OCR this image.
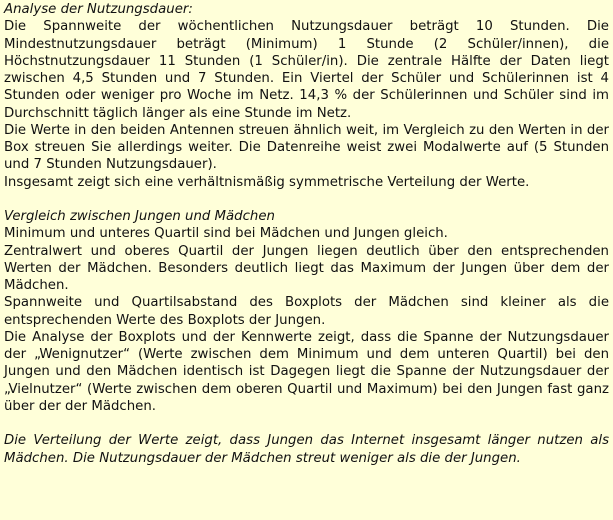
Analyse der Nutzungsdauer:

Die Spannweite der wöchentlichen Nutzungsdauer beträgt 10 Stunden. Die Mindestnutzungsdauer beträgt (Minimum) 1 Stunde (2 Schüler/innen), die Höchstnutzungsdauer 11 Stunden (1 Schüler/in). Die zentrale Hälfte der Daten liegt zwischen 4,5 Stunden und 7 Stunden. Ein Viertel der Schüler und Schülerinnen ist 4 Stunden oder weniger pro Woche im Netz. 14,3 % der Schülerinnen und Schüler sind im Durchschnitt täglich länger als eine Stunde im Netz.

Die Werte in den beiden Antennen streuen ähnlich weit, im Vergleich zu den Werten in der Box streuen Sie allerdings weiter. Die Datenreihe weist zwei Modalwerte auf (5 Stunden und 7 Stunden Nutzungsdauer).

Insgesamt zeigt sich eine verhältnismäßig symmetrische Verteilung der Werte.

Vergleich zwischen Jungen und Mädchen

Minimum und unteres Quartil sind bei Mädchen und Jungen gleich.

Zentralwert und oberes Quartil der Jungen liegen deutlich über den entsprechenden Werten der Mädchen. Besonders deutlich liegt das Maximum der Jungen über dem der Mädchen.

Spannweite und Quartilsabstand des Boxplots der Mädchen sind kleiner als die entsprechenden Werte des Boxplots der Jungen.

Die Analyse der Boxplots und der Kennwerte zeigt, dass die Spanne der Nutzungsdauer der „Wenignutzer“ (Werte zwischen dem Minimum und dem unteren Quartil) bei den Jungen und den Mädchen identisch ist Dagegen liegt die Spanne der Nutzungsdauer der „Vielnutzer“ (Werte zwischen dem oberen Quartil und Maximum) bei den Jungen fast ganz über der der Mädchen.

Die Verteilung der Werte zeigt, dass Jungen das Internet insgesamt länger nutzen als Mädchen. Die Nutzungsdauer der Mädchen streut weniger als die der Jungen.
